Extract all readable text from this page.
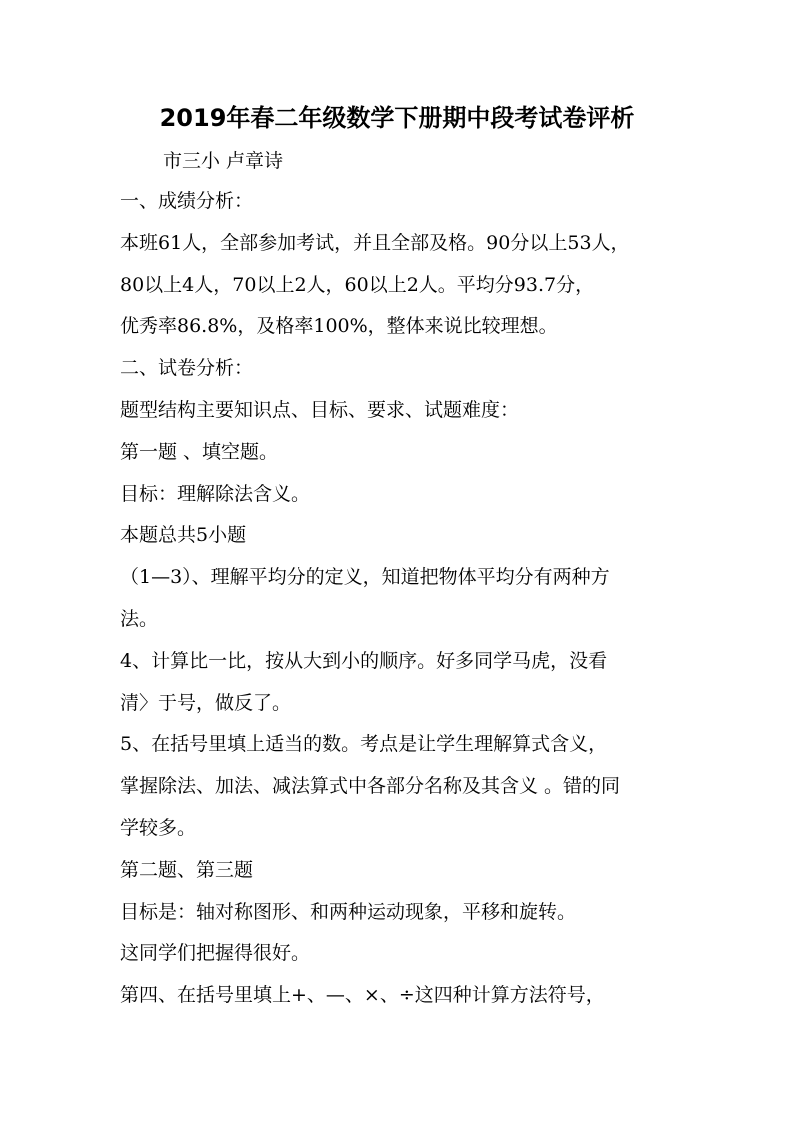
2019年春二年级数学下册期中段考试卷评析
市三小 卢章诗
一、成绩分析：
本班61人，全部参加考试，并且全部及格。90分以上53人，
80以上4人，70以上2人，60以上2人。平均分93.7分，
优秀率86.8%，及格率100%，整体来说比较理想。
二、试卷分析：
题型结构主要知识点、目标、要求、试题难度：
第一题 、填空题。
目标：理解除法含义。
本题总共5小题
（1—3）、理解平均分的定义，知道把物体平均分有两种方
法。
4、计算比一比，按从大到小的顺序。好多同学马虎，没看
清〉于号，做反了。
5、在括号里填上适当的数。考点是让学生理解算式含义，
掌握除法、加法、减法算式中各部分名称及其含义 。错的同
学较多。
第二题、第三题
目标是：轴对称图形、和两种运动现象，平移和旋转。
这同学们把握得很好。
第四、在括号里填上+、—、×、÷这四种计算方法符号，
